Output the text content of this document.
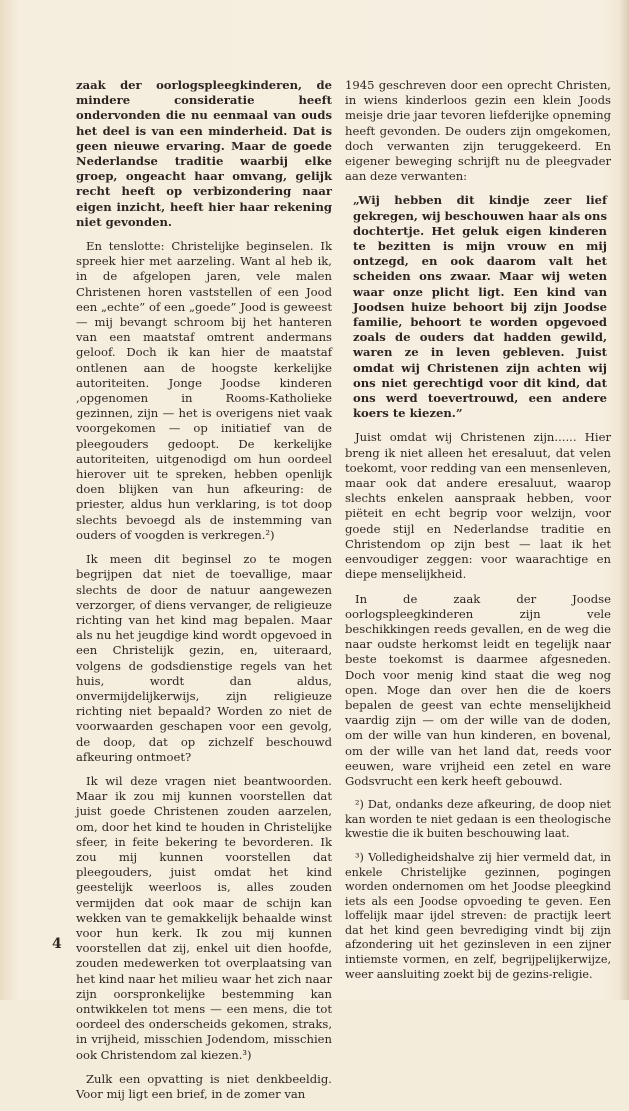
zaak der oorlogspleegkinderen, de mindere consideratie heeft ondervonden die nu eenmaal van ouds het deel is van een minderheid. Dat is geen nieuwe ervaring. Maar de goede Nederlandse traditie waarbij elke groep, ongeacht haar omvang, gelijk recht heeft op verbizondering naar eigen inzicht, heeft hier haar rekening niet gevonden.

En tenslotte: Christelijke beginselen. Ik spreek hier met aarzeling. Want al heb ik, in de afgelopen jaren, vele malen Christenen horen vaststellen of een Jood een „echte” of een „goede” Jood is geweest — mij bevangt schroom bij het hanteren van een maatstaf omtrent andermans geloof. Doch ik kan hier de maatstaf ontlenen aan de hoogste kerkelijke autoriteiten. Jonge Joodse kinderen ,opgenomen in Rooms-Katholieke gezinnen, zijn — het is overigens niet vaak voorgekomen — op initiatief van de pleegouders gedoopt. De kerkelijke autoriteiten, uitgenodigd om hun oordeel hierover uit te spreken, hebben openlijk doen blijken van hun afkeuring: de priester, aldus hun verklaring, is tot doop slechts bevoegd als de instemming van ouders of voogden is verkregen.²)

Ik meen dit beginsel zo te mogen begrijpen dat niet de toevallige, maar slechts de door de natuur aangewezen verzorger, of diens vervanger, de religieuze richting van het kind mag bepalen. Maar als nu het jeugdige kind wordt opgevoed in een Christelijk gezin, en, uiteraard, volgens de godsdienstige regels van het huis, wordt dan aldus, onvermijdelijkerwijs, zijn religieuze richting niet bepaald? Worden zo niet de voorwaarden geschapen voor een gevolg, de doop, dat op zichzelf beschouwd afkeuring ontmoet?

Ik wil deze vragen niet beantwoorden. Maar ik zou mij kunnen voorstellen dat juist goede Christenen zouden aarzelen, om, door het kind te houden in Christelijke sfeer, in feite bekering te bevorderen. Ik zou mij kunnen voorstellen dat pleegouders, juist omdat het kind geestelijk weerloos is, alles zouden vermijden dat ook maar de schijn kan wekken van te gemakkelijk behaalde winst voor hun kerk. Ik zou mij kunnen voorstellen dat zij, enkel uit dien hoofde, zouden medewerken tot overplaatsing van het kind naar het milieu waar het zich naar zijn oorspronkelijke bestemming kan ontwikkelen tot mens — een mens, die tot oordeel des onderscheids gekomen, straks, in vrijheid, misschien Jodendom, misschien ook Christendom zal kiezen.³)

Zulk een opvatting is niet denkbeeldig. Voor mij ligt een brief, in de zomer van

1945 geschreven door een oprecht Christen, in wiens kinderloos gezin een klein Joods meisje drie jaar tevoren liefderijke opneming heeft gevonden. De ouders zijn omgekomen, doch verwanten zijn teruggekeerd. En eigener beweging schrijft nu de pleegvader aan deze verwanten:

„Wij hebben dit kindje zeer lief gekregen, wij beschouwen haar als ons dochtertje. Het geluk eigen kinderen te bezitten is mijn vrouw en mij ontzegd, en ook daarom valt het scheiden ons zwaar. Maar wij weten waar onze plicht ligt. Een kind van Joodsen huize behoort bij zijn Joodse familie, behoort te worden opgevoed zoals de ouders dat hadden gewild, waren ze in leven gebleven. Juist omdat wij Christenen zijn achten wij ons niet gerechtigd voor dit kind, dat ons werd toevertrouwd, een andere koers te kiezen.”

Juist omdat wij Christenen zijn...... Hier breng ik niet alleen het eresaluut, dat velen toekomt, voor redding van een mensenleven, maar ook dat andere eresaluut, waarop slechts enkelen aanspraak hebben, voor piëteit en echt begrip voor welzijn, voor goede stijl en Nederlandse traditie en Christendom op zijn best — laat ik het eenvoudiger zeggen: voor waarachtige en diepe menselijkheid.

In de zaak der Joodse oorlogspleegkinderen zijn vele beschikkingen reeds gevallen, en de weg die naar oudste herkomst leidt en tegelijk naar beste toekomst is daarmee afgesneden. Doch voor menig kind staat die weg nog open. Moge dan over hen die de koers bepalen de geest van echte menselijkheid vaardig zijn — om der wille van de doden, om der wille van hun kinderen, en bovenal, om der wille van het land dat, reeds voor eeuwen, ware vrijheid een zetel en ware Godsvrucht een kerk heeft gebouwd.

²) Dat, ondanks deze afkeuring, de doop niet kan worden te niet gedaan is een theologische kwestie die ik buiten beschouwing laat.

³) Volledigheidshalve zij hier vermeld dat, in enkele Christelijke gezinnen, pogingen worden ondernomen om het Joodse pleegkind iets als een Joodse opvoeding te geven. Een loffelijk maar ijdel streven: de practijk leert dat het kind geen bevrediging vindt bij zijn afzondering uit het gezinsleven in een zijner intiemste vormen, en zelf, begrijpelijkerwijze, weer aansluiting zoekt bij de gezins-religie.

4
